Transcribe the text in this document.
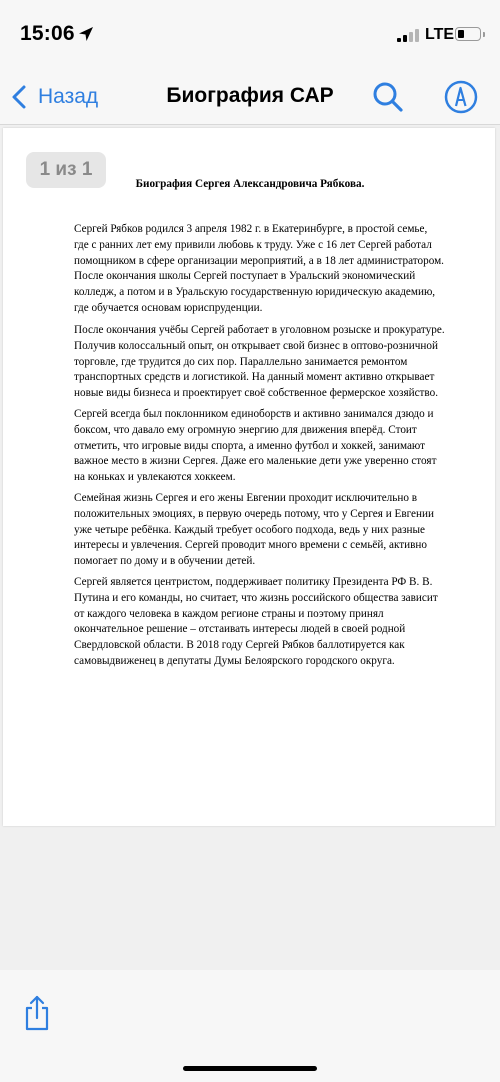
15:06	LTE
Назад	Биография САР
1 из 1
Биография Сергея Александровича Рябкова.
Сергей Рябков родился 3 апреля 1982 г. в Екатеринбурге, в простой семье,
где с ранних лет ему привили любовь к труду. Уже с 16 лет Сергей работал
помощником в сфере организации мероприятий, а в 18 лет администратором.
После окончания школы Сергей поступает в Уральский экономический
колледж, а потом и в Уральскую государственную юридическую академию,
где обучается основам юриспруденции.
После окончания учёбы Сергей работает в уголовном розыске и прокуратуре.
Получив колоссальный опыт, он открывает свой бизнес в оптово-розничной
торговле, где трудится до сих пор. Параллельно занимается ремонтом
транспортных средств и логистикой. На данный момент активно открывает
новые виды бизнеса и проектирует своё собственное фермерское хозяйство.
Сергей всегда был поклонником единоборств и активно занимался дзюдо и
боксом, что давало ему огромную энергию для движения вперёд. Стоит
отметить, что игровые виды спорта, а именно футбол и хоккей, занимают
важное место в жизни Сергея. Даже его маленькие дети уже уверенно стоят
на коньках и увлекаются хоккеем.
Семейная жизнь Сергея и его жены Евгении проходит исключительно в
положительных эмоциях, в первую очередь потому, что у Сергея и Евгении
уже четыре ребёнка. Каждый требует особого подхода, ведь у них разные
интересы и увлечения. Сергей проводит много времени с семьёй, активно
помогает по дому и в обучении детей.
Сергей является центристом, поддерживает политику Президента РФ В. В.
Путина и его команды, но считает, что жизнь российского общества зависит
от каждого человека в каждом регионе страны и поэтому принял
окончательное решение – отстаивать интересы людей в своей родной
Свердловской области. В 2018 году Сергей Рябков баллотируется как
самовыдвиженец в депутаты Думы Белоярского городского округа.
